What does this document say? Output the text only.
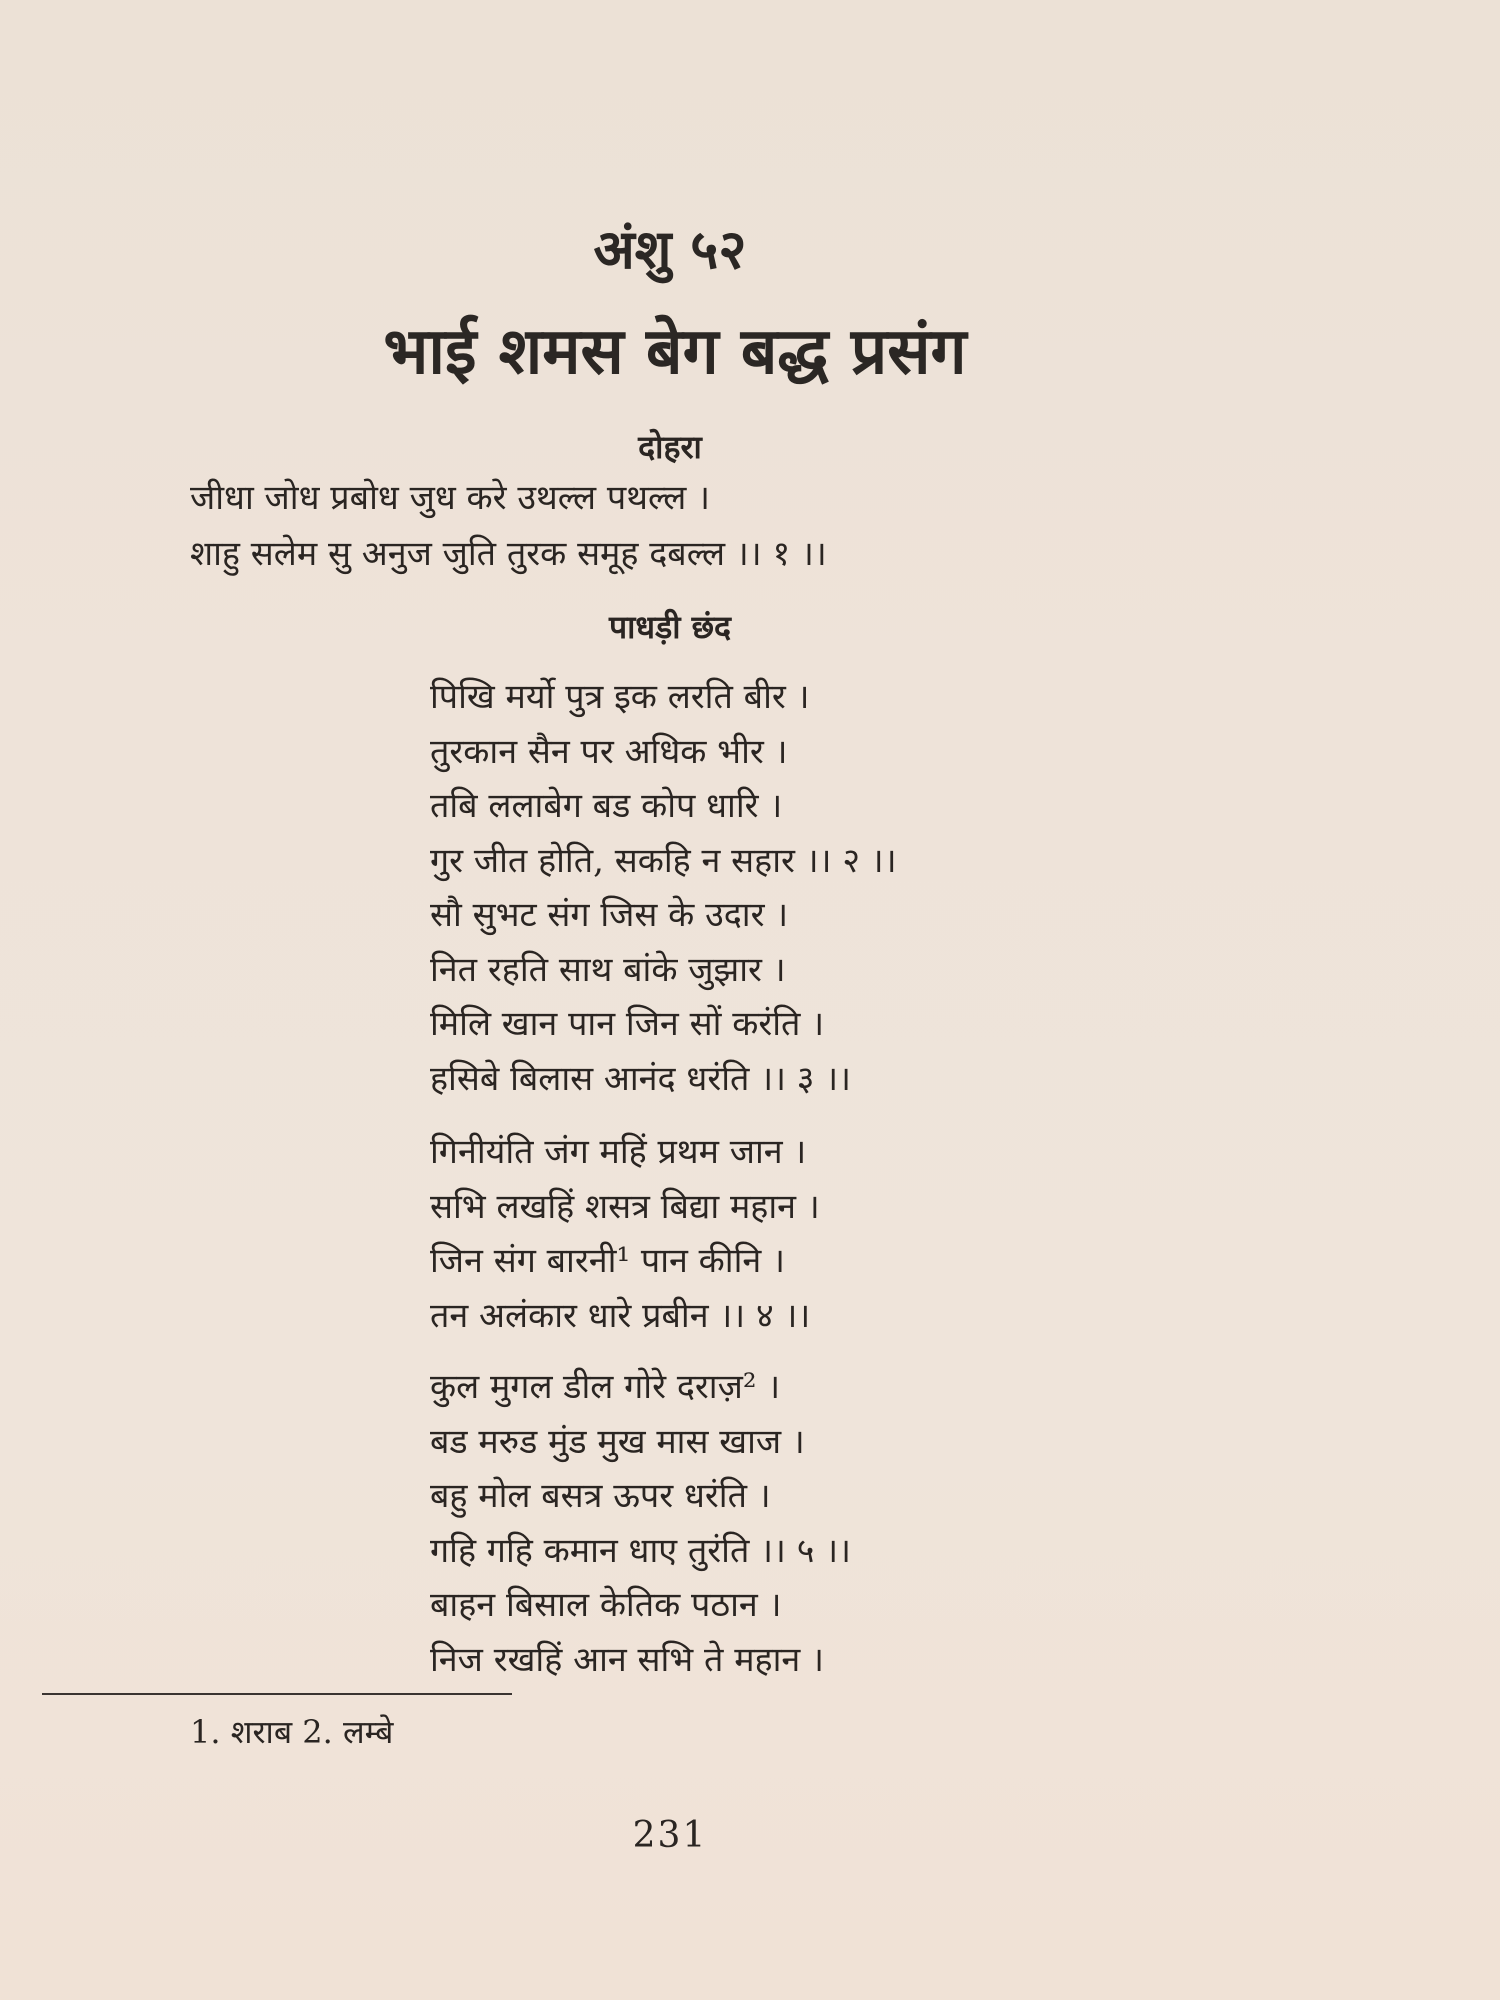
अंशु ५२
भाई शमस बेग बद्ध प्रसंग
दोहरा
जीधा जोध प्रबोध जुध करे उथल्ल पथल्ल ।
शाहु सलेम सु अनुज जुति तुरक समूह दबल्ल ।। १ ।।
पाधड़ी छंद
पिखि मर्यो पुत्र इक लरति बीर ।
तुरकान सैन पर अधिक भीर ।
तबि ललाबेग बड कोप धारि ।
गुर जीत होति, सकहि न सहार ।। २ ।।
सौ सुभट संग जिस के उदार ।
नित रहति साथ बांके जुझार ।
मिलि खान पान जिन सों करंति ।
हसिबे बिलास आनंद धरंति ।। ३ ।।
गिनीयंति जंग महिं प्रथम जान ।
सभि लखहिं शसत्र बिद्या महान ।
जिन संग बारनी¹ पान कीनि ।
तन अलंकार धारे प्रबीन ।। ४ ।।
कुल मुगल डील गोरे दराज़² ।
बड मरुड मुंड मुख मास खाज ।
बहु मोल बसत्र ऊपर धरंति ।
गहि गहि कमान धाए तुरंति ।। ५ ।।
बाहन बिसाल केतिक पठान ।
निज रखहिं आन सभि ते महान ।
1. शराब 2. लम्बे
231
